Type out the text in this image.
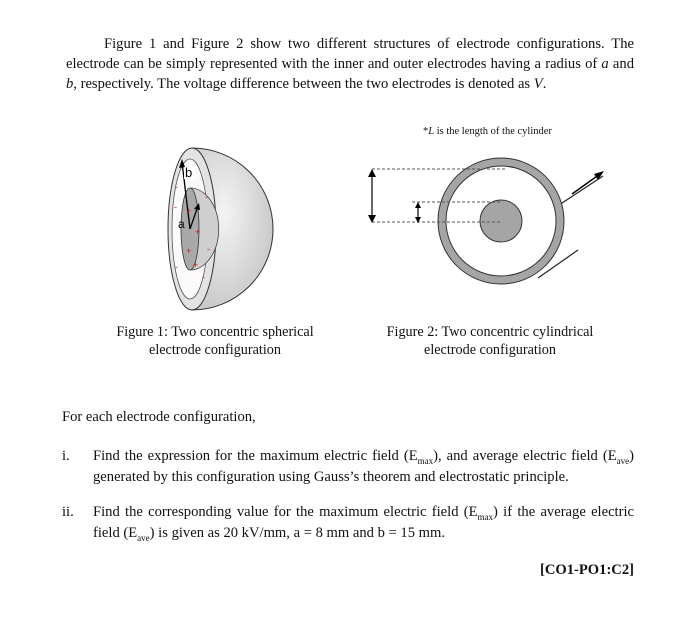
Figure 1 and Figure 2 show two different structures of electrode configurations. The electrode can be simply represented with the inner and outer electrodes having a radius of a and b, respectively. The voltage difference between the two electrodes is denoted as V.
*L is the length of the cylinder
b
a
+
+
+
+
-
-
-
-
-
-
Figure 1: Two concentric spherical
electrode configuration
Figure 2: Two concentric cylindrical
electrode configuration
For each electrode configuration,
i. Find the expression for the maximum electric field $(E_{max})$, and average electric field $(E_{ave})$ generated by this configuration using Gauss’s theorem and electrostatic principle.
ii. Find the corresponding value for the maximum electric field $(E_{max})$ if the average electric field $(E_{ave})$ is given as 20 kV/mm, a = 8 mm and b = 15 mm.
[CO1-PO1:C2]
